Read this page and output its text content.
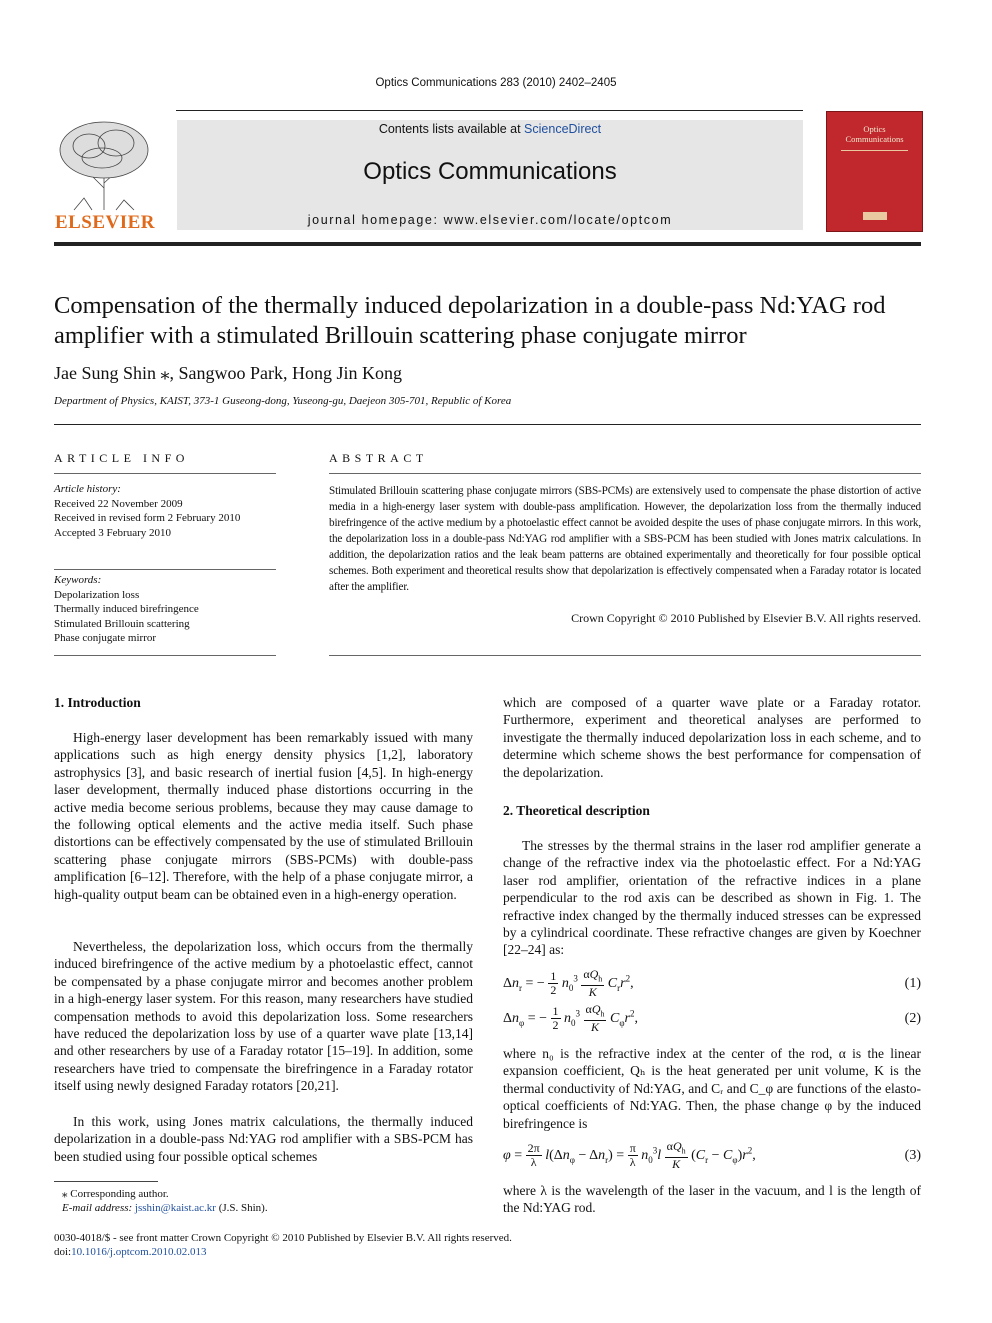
Optics Communications 283 (2010) 2402–2405
ELSEVIER
Contents lists available at ScienceDirect
Optics Communications
journal homepage: www.elsevier.com/locate/optcom
Optics
Communications
Compensation of the thermally induced depolarization in a double-pass Nd:YAG rod amplifier with a stimulated Brillouin scattering phase conjugate mirror
Jae Sung Shin ⁎, Sangwoo Park, Hong Jin Kong
Department of Physics, KAIST, 373-1 Guseong-dong, Yuseong-gu, Daejeon 305-701, Republic of Korea
ARTICLE INFO
Article history:
Received 22 November 2009
Received in revised form 2 February 2010
Accepted 3 February 2010
Keywords:
Depolarization loss
Thermally induced birefringence
Stimulated Brillouin scattering
Phase conjugate mirror
ABSTRACT

Stimulated Brillouin scattering phase conjugate mirrors (SBS-PCMs) are extensively used to compensate the phase distortion of active media in a high-energy laser system with double-pass amplification. However, the depolarization loss from the thermally induced birefringence of the active medium by a photoelastic effect cannot be avoided despite the uses of phase conjugate mirrors. In this work, the depolarization loss in a double-pass Nd:YAG rod amplifier with a SBS-PCM has been studied with Jones matrix calculations. In addition, the depolarization ratios and the leak beam patterns are obtained experimentally and theoretically for four possible optical schemes. Both experiment and theoretical results show that depolarization is effectively compensated when a Faraday rotator is located after the amplifier.

Crown Copyright © 2010 Published by Elsevier B.V. All rights reserved.
1. Introduction

High-energy laser development has been remarkably issued with many applications such as high energy density physics [1,2], laboratory astrophysics [3], and basic research of inertial fusion [4,5]. In high-energy laser development, thermally induced phase distortions occurring in the active media become serious problems, because they may cause damage to the following optical elements and the active media itself. Such phase distortions can be effectively compensated by the use of stimulated Brillouin scattering phase conjugate mirrors (SBS-PCMs) with double-pass amplification [6–12]. Therefore, with the help of a phase conjugate mirror, a high-quality output beam can be obtained even in a high-energy operation.

Nevertheless, the depolarization loss, which occurs from the thermally induced birefringence of the active medium by a photoelastic effect, cannot be compensated by a phase conjugate mirror and becomes another problem in a high-energy laser system. For this reason, many researchers have studied compensation methods to avoid this depolarization loss. Some researchers have reduced the depolarization loss by use of a quarter wave plate [13,14] and other researchers by use of a Faraday rotator [15–19]. In addition, some researchers have tried to compensate the birefringence in a Faraday rotator itself using newly designed Faraday rotators [20,21].

In this work, using Jones matrix calculations, the thermally induced depolarization in a double-pass Nd:YAG rod amplifier with a SBS-PCM has been studied using four possible optical schemes

⁎ Corresponding author.
E-mail address: jsshin@kaist.ac.kr (J.S. Shin).

which are composed of a quarter wave plate or a Faraday rotator. Furthermore, experiment and theoretical analyses are performed to investigate the thermally induced depolarization loss in each scheme, and to determine which scheme shows the best performance for compensation of the depolarization.

2. Theoretical description

The stresses by the thermal strains in the laser rod amplifier generate a change of the refractive index via the photoelastic effect. For a Nd:YAG laser rod amplifier, orientation of the refractive indices in a plane perpendicular to the rod axis can be described as shown in Fig. 1. The refractive index changed by the thermally induced stresses can be expressed by a cylindrical coordinate. These refractive changes are given by Koechner [22–24] as:

$\Delta n_r$ = − $\frac{1}{2} n_0^3 \frac{\alpha Q_h}{K} C_rr^2$,	(1)
$\Delta n_\varphi$ = − $\frac{1}{2} n_0^3 \frac{\alpha Q_h}{K} C_\varphi r^2$,	(2)

where n₀ is the refractive index at the center of the rod, α is the linear expansion coefficient, Qₕ is the heat generated per unit volume, K is the thermal conductivity of Nd:YAG, and Cᵣ and C_φ are functions of the elasto-optical coefficients of Nd:YAG. Then, the phase change φ by the induced birefringence is

$\varphi = \frac{2\pi}{\lambda} l(\Delta n_\varphi - \Delta n_r) = \frac{\pi}{\lambda} n_0^3l \frac{\alpha Q_h}{K} (C_r - C_\varphi)r^2$,	(3)

where λ is the wavelength of the laser in the vacuum, and l is the length of the Nd:YAG rod.

0030-4018/$ - see front matter Crown Copyright © 2010 Published by Elsevier B.V. All rights reserved.
doi:10.1016/j.optcom.2010.02.013
